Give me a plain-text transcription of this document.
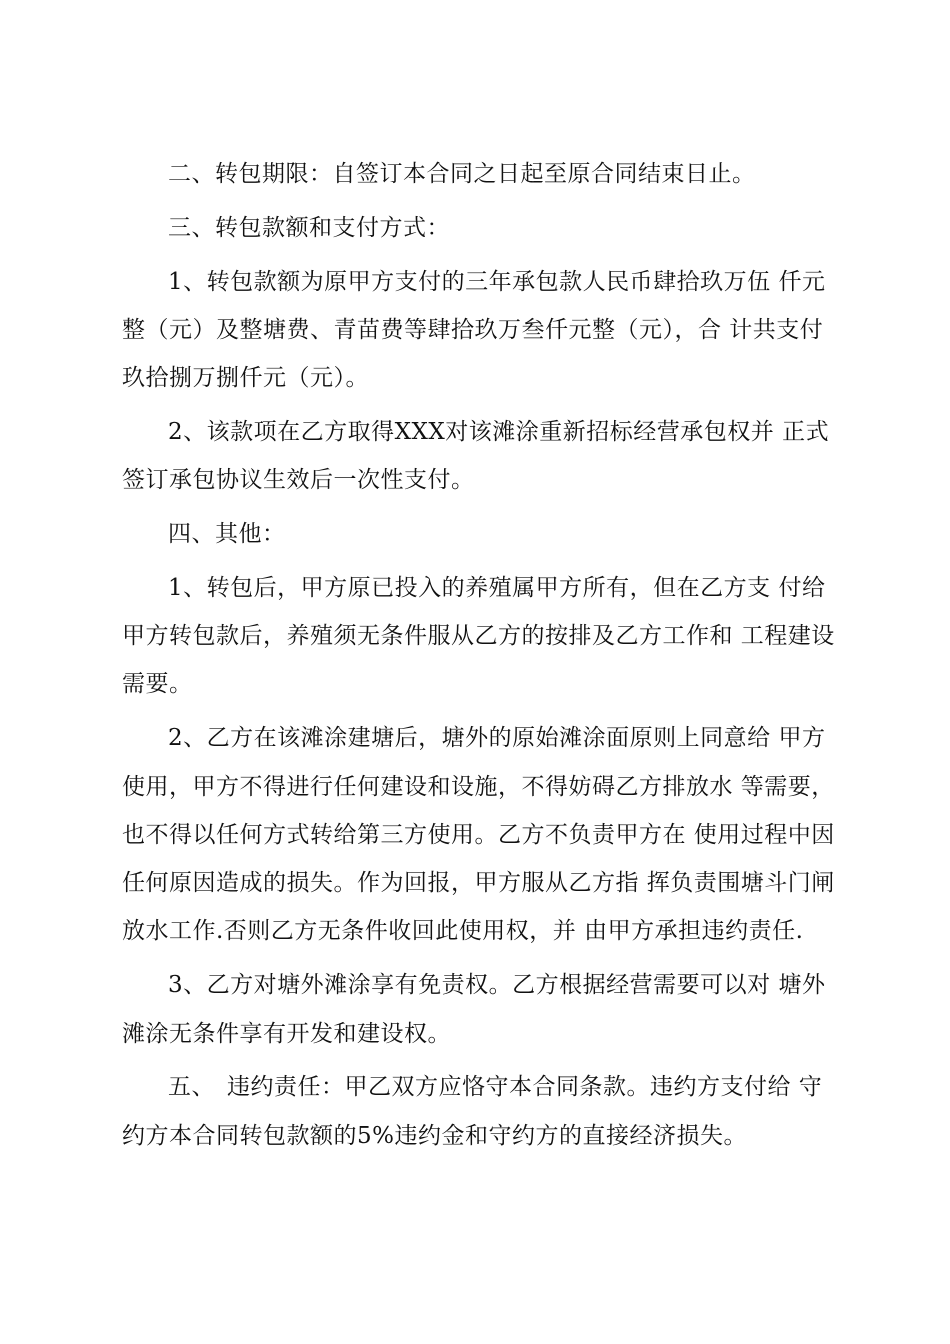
二、转包期限：自签订本合同之日起至原合同结束日止。

三、转包款额和支付方式：

1、转包款额为原甲方支付的三年承包款人民币肆拾玖万伍 仟元
整（元）及整塘费、青苗费等肆拾玖万叁仟元整（元），合 计共支付
玖拾捌万捌仟元（元）。

2、该款项在乙方取得XXX对该滩涂重新招标经营承包权并 正式
签订承包协议生效后一次性支付。

四、其他：

1、转包后，甲方原已投入的养殖属甲方所有，但在乙方支 付给
甲方转包款后，养殖须无条件服从乙方的按排及乙方工作和 工程建设
需要。

2、乙方在该滩涂建塘后，塘外的原始滩涂面原则上同意给 甲方
使用，甲方不得进行任何建设和设施，不得妨碍乙方排放水 等需要，
也不得以任何方式转给第三方使用。乙方不负责甲方在 使用过程中因
任何原因造成的损失。作为回报，甲方服从乙方指 挥负责围塘斗门闸
放水工作.否则乙方无条件收回此使用权，并 由甲方承担违约责任.

3、乙方对塘外滩涂享有免责权。乙方根据经营需要可以对 塘外
滩涂无条件享有开发和建设权。

五、　违约责任：甲乙双方应恪守本合同条款。违约方支付给 守
约方本合同转包款额的5%违约金和守约方的直接经济损失。
